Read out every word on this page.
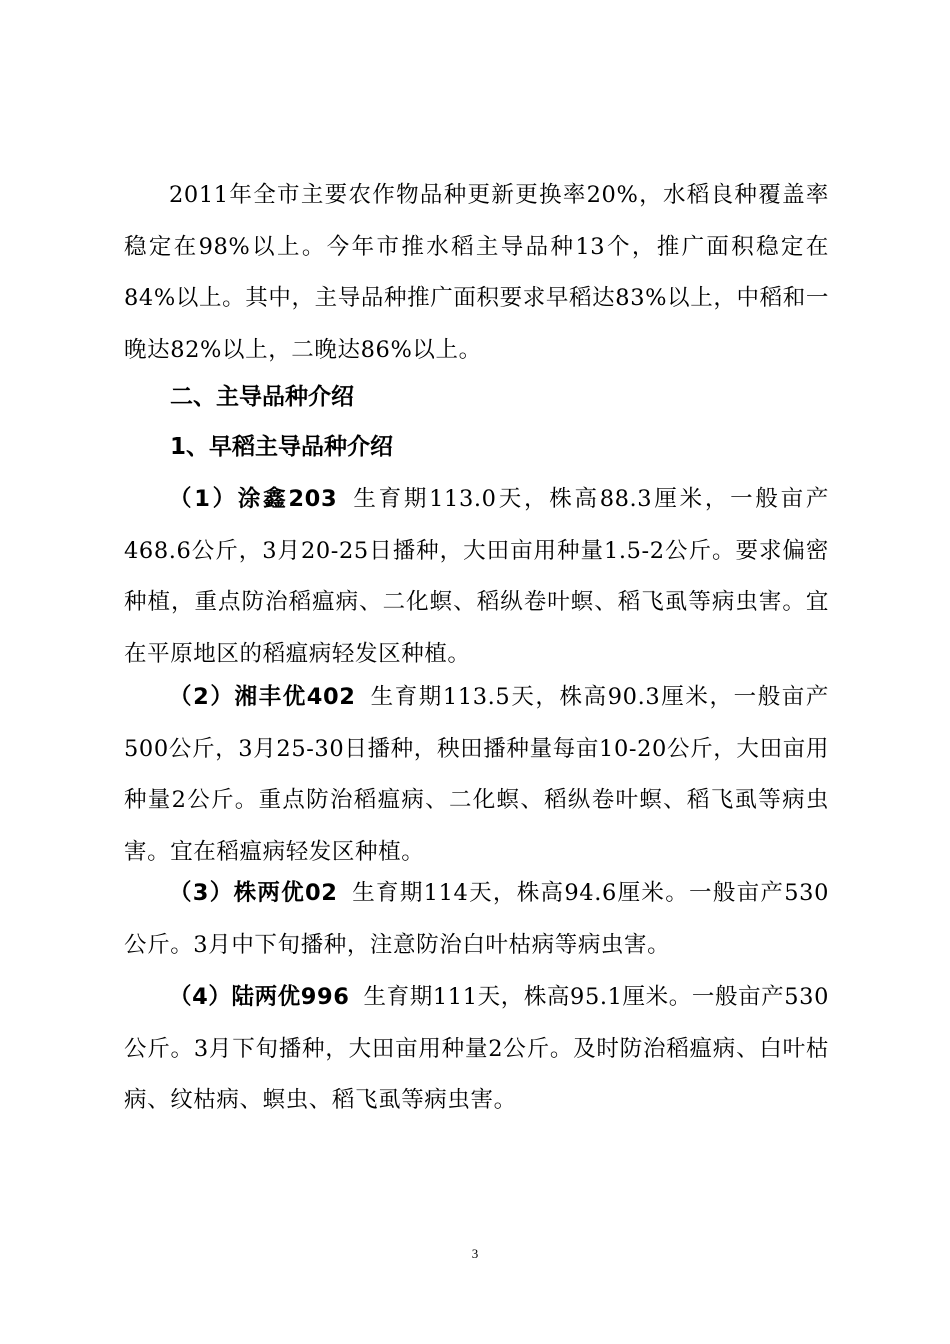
2011年全市主要农作物品种更新更换率20%，水稻良种覆盖率稳定在98%以上。今年市推水稻主导品种13个，推广面积稳定在84%以上。其中，主导品种推广面积要求早稻达83%以上，中稻和一晚达82%以上，二晚达86%以上。

二、主导品种介绍

1、早稻主导品种介绍

（1）涂鑫203 生育期113.0天，株高88.3厘米，一般亩产468.6公斤，3月20-25日播种，大田亩用种量1.5-2公斤。要求偏密种植，重点防治稻瘟病、二化螟、稻纵卷叶螟、稻飞虱等病虫害。宜在平原地区的稻瘟病轻发区种植。

（2）湘丰优402 生育期113.5天，株高90.3厘米，一般亩产500公斤，3月25-30日播种，秧田播种量每亩10-20公斤，大田亩用种量2公斤。重点防治稻瘟病、二化螟、稻纵卷叶螟、稻飞虱等病虫害。宜在稻瘟病轻发区种植。

（3）株两优02 生育期114天，株高94.6厘米。一般亩产530公斤。3月中下旬播种，注意防治白叶枯病等病虫害。

（4）陆两优996 生育期111天，株高95.1厘米。一般亩产530公斤。3月下旬播种，大田亩用种量2公斤。及时防治稻瘟病、白叶枯病、纹枯病、螟虫、稻飞虱等病虫害。

3
